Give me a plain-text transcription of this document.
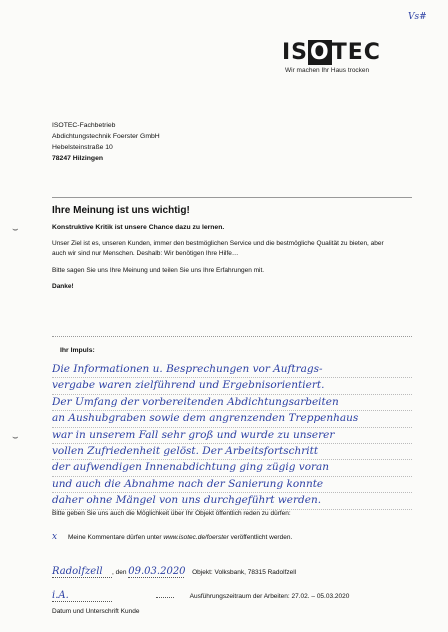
Vs#
ISOTEC
Wir machen Ihr Haus trocken
ISOTEC-Fachbetrieb
Abdichtungstechnik Foerster GmbH
Hebelsteinstraße 10
78247 Hilzingen
⌣
Ihre Meinung ist uns wichtig!
Konstruktive Kritik ist unsere Chance dazu zu lernen.
Unser Ziel ist es, unseren Kunden, immer den bestmöglichen Service und die bestmögliche Qualität zu bieten, aber auch wir sind nur Menschen. Deshalb: Wir benötigen Ihre Hilfe…
Bitte sagen Sie uns Ihre Meinung und teilen Sie uns Ihre Erfahrungen mit.
Danke!
Ihr Impuls:
Die Informationen u. Besprechungen vor Auftrags-
vergabe waren zielführend und Ergebnisorientiert.
Der Umfang der vorbereitenden Abdichtungsarbeiten
an Aushubgraben sowie dem angrenzenden Treppenhaus
war in unserem Fall sehr groß und wurde zu unserer
vollen Zufriedenheit gelöst. Der Arbeitsfortschritt
der aufwendigen Innenabdichtung ging zügig voran
und auch die Abnahme nach der Sanierung konnte
daher ohne Mängel von uns durchgeführt werden.
⌣
Bitte geben Sie uns auch die Möglichkeit über Ihr Objekt öffentlich reden zu dürfen:
x Meine Kommentare dürfen unter www.isotec.de/foerster veröffentlicht werden.
Radolfzell , den 09.03.2020 Objekt: Volksbank, 78315 Radolfzell
i.A.	Ausführungszeitraum der Arbeiten: 27.02. – 05.03.2020
Datum und Unterschrift Kunde
